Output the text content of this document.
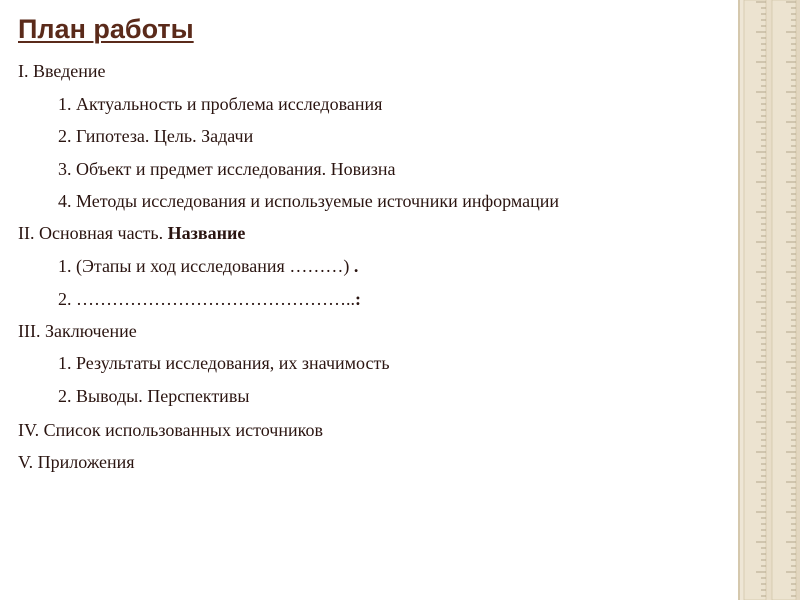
План работы
I. Введение
1. Актуальность и проблема исследования
2. Гипотеза. Цель. Задачи
3. Объект и предмет исследования. Новизна
4. Методы исследования и используемые источники информации
II. Основная часть. Название
1. (Этапы и ход исследования ………) .
2. ………………………………………..:
III. Заключение
1. Результаты исследования, их значимость
2. Выводы. Перспективы
IV. Список использованных источников
V. Приложения
